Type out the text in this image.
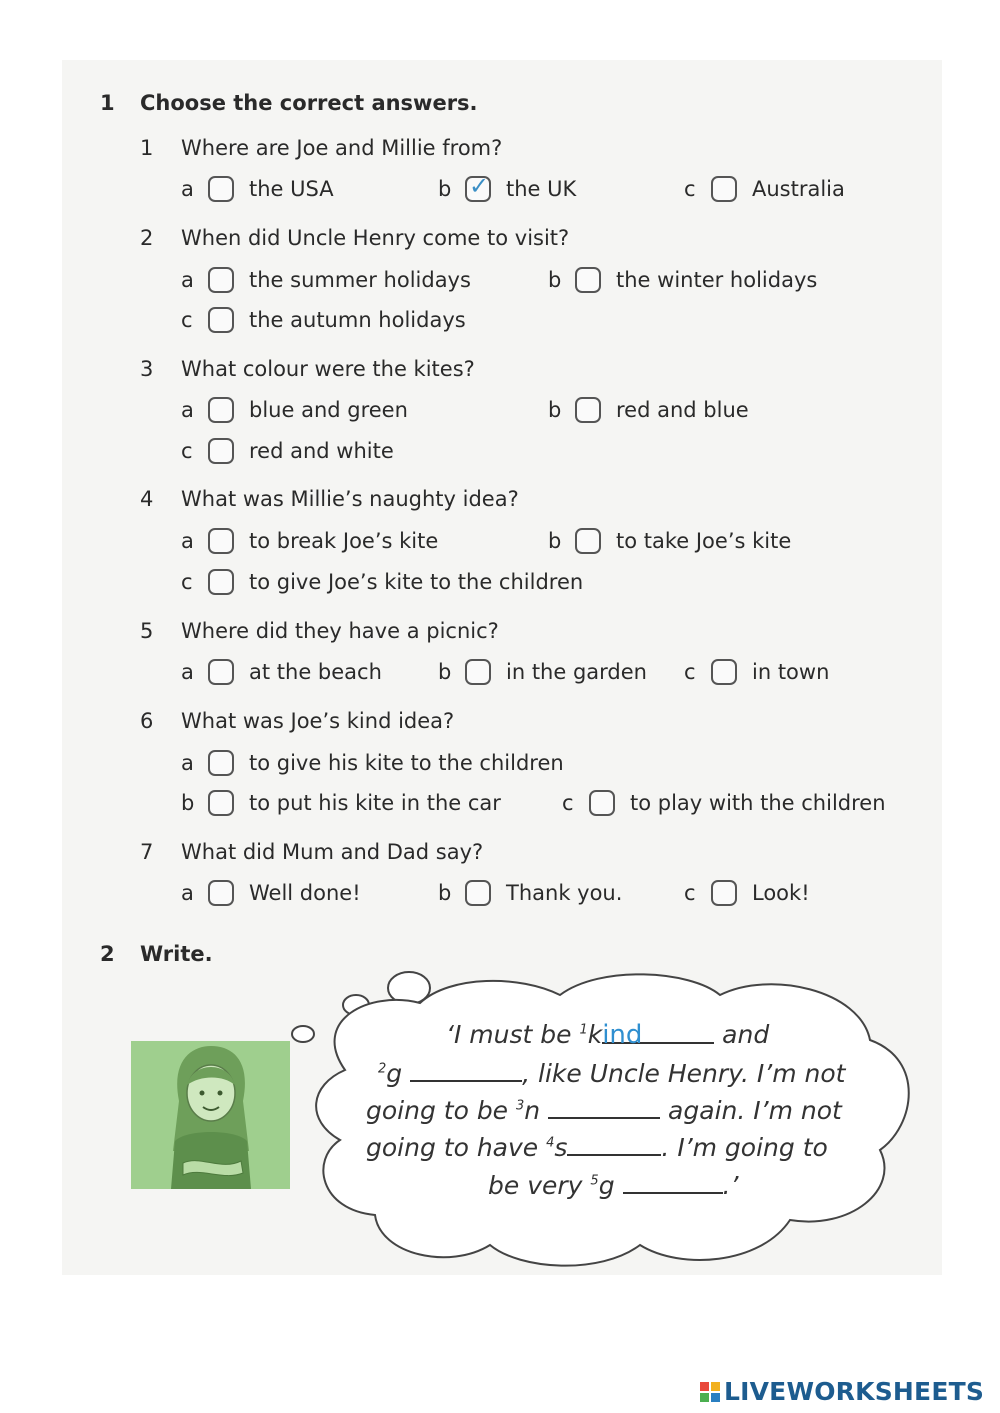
1 Choose the correct answers.
1 Where are Joe and Millie from?
a	the USA	b
✓	the UK	c	Australia
2 When did Uncle Henry come to visit?
a	the summer holidays	b	the winter holidays
c	the autumn holidays
3 What colour were the kites?
a	blue and green	b	red and blue
c	red and white
4 What was Millie’s naughty idea?
a	to break Joe’s kite	b	to take Joe’s kite
c	to give Joe’s kite to the children
5 Where did they have a picnic?
a	at the beach	b	in the garden c	in town
6 What was Joe’s kind idea?
a	to give his kite to the children
b	to put his kite in the car	c	to play with the children
7 What did Mum and Dad say?
a	Well done!	b	Thank you.	c	Look!
2 Write.
‘I must be $^1$kind	and
$^2$g	, like Uncle Henry. I’m not
going to be $^3$n	again. I’m not
going to have $^4$s	. I’m going to
be very $^5$g	.’
LIVEWORKSHEETS
